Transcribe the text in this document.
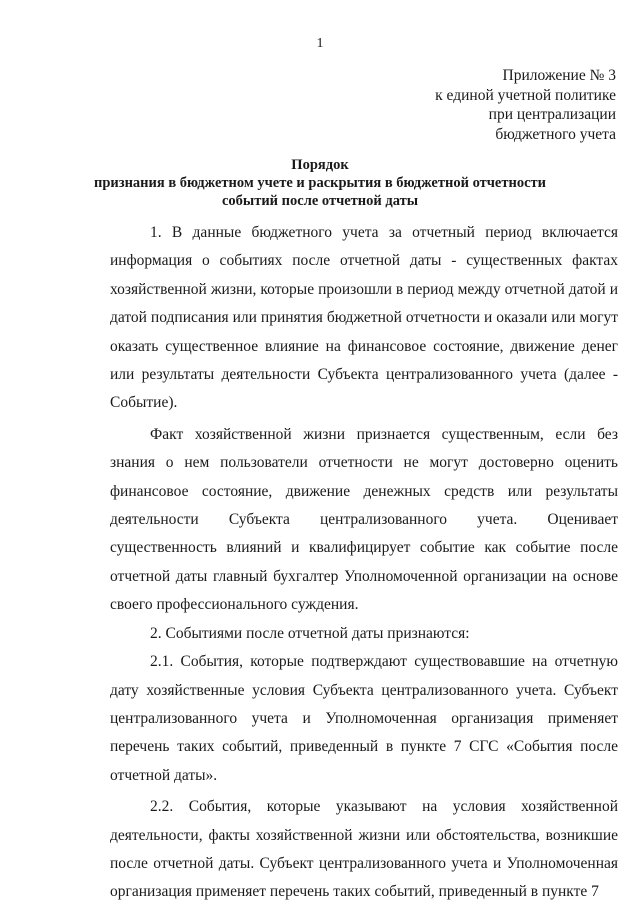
1
Приложение № 3
к единой учетной политике
при централизации
бюджетного учета
Порядок
признания в бюджетном учете и раскрытия в бюджетной отчетности
событий после отчетной даты

1. В данные бюджетного учета за отчетный период включается информация о событиях после отчетной даты - существенных фактах хозяйственной жизни, которые произошли в период между отчетной датой и датой подписания или принятия бюджетной отчетности и оказали или могут оказать существенное влияние на финансовое состояние, движение денег или результаты деятельности Субъекта централизованного учета (далее - Событие).

Факт хозяйственной жизни признается существенным, если без знания о нем пользователи отчетности не могут достоверно оценить финансовое состояние, движение денежных средств или результаты деятельности Субъекта централизованного учета. Оценивает существенность влияний и квалифицирует событие как событие после отчетной даты главный бухгалтер Уполномоченной организации на основе своего профессионального суждения.

2. Событиями после отчетной даты признаются:

2.1. События, которые подтверждают существовавшие на отчетную дату хозяйственные условия Субъекта централизованного учета. Субъект централизованного учета и Уполномоченная организация применяет перечень таких событий, приведенный в пункте 7 СГС «События после отчетной даты».

2.2. События, которые указывают на условия хозяйственной деятельности, факты хозяйственной жизни или обстоятельства, возникшие после отчетной даты. Субъект централизованного учета и Уполномоченная организация применяет перечень таких событий, приведенный в пункте 7
